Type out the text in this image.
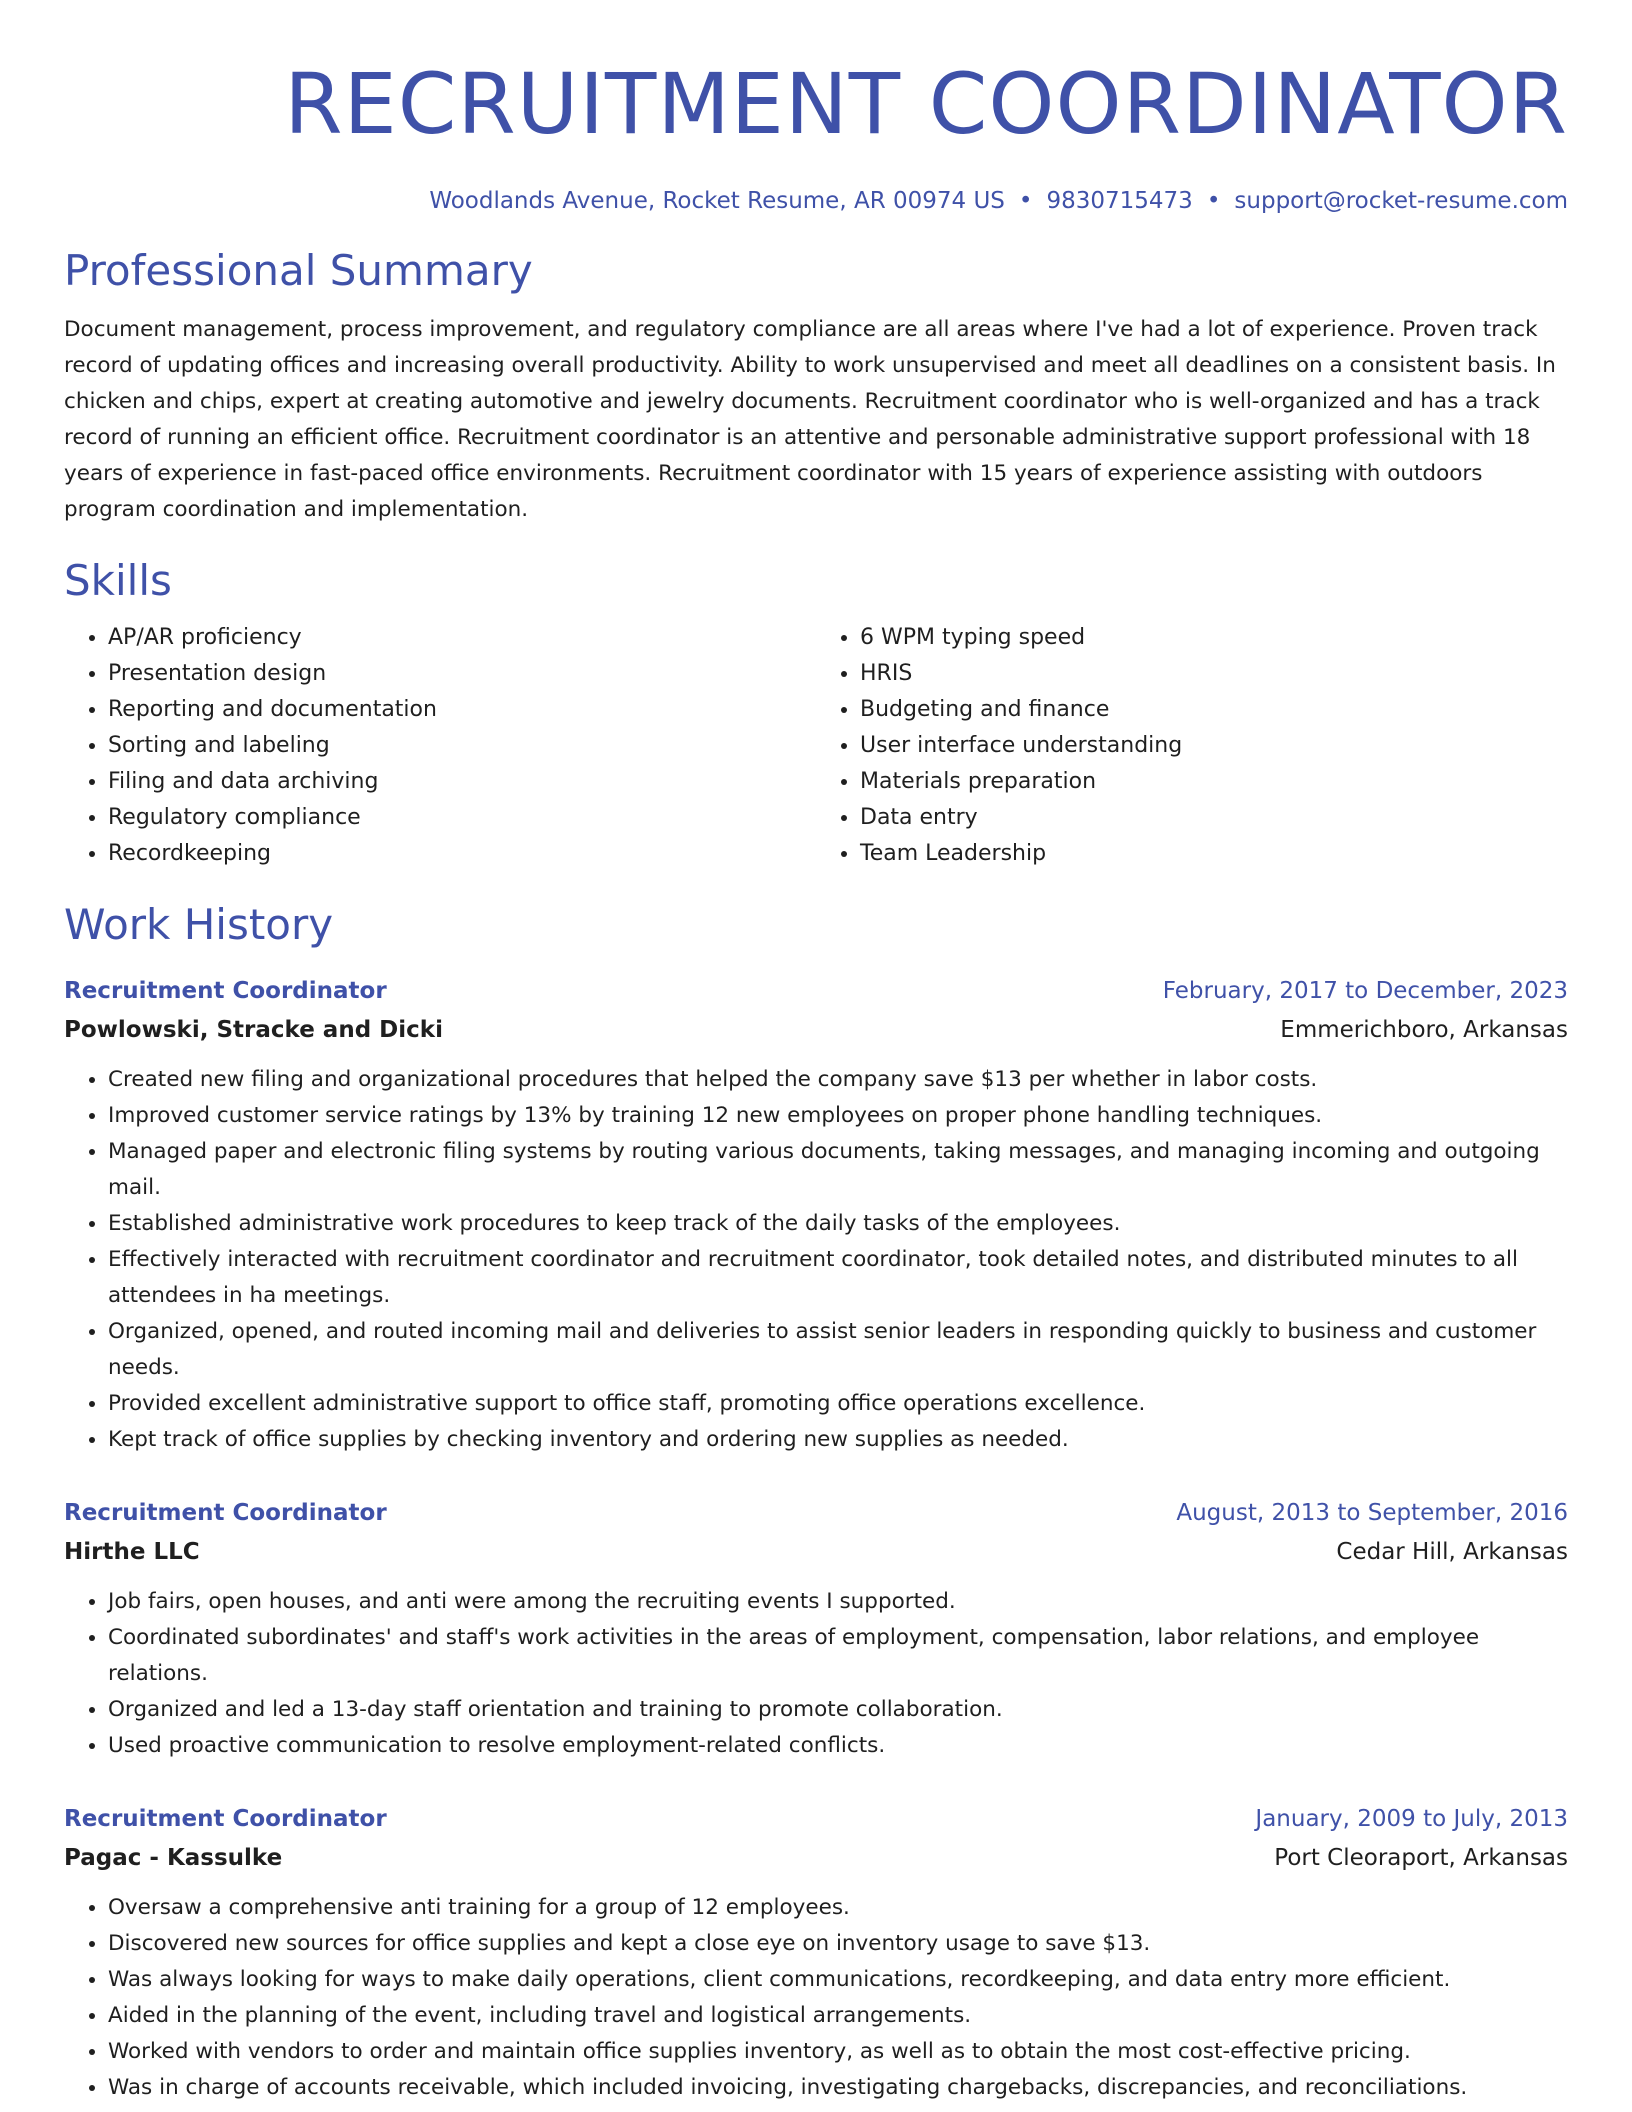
RECRUITMENT COORDINATOR
Woodlands Avenue, Rocket Resume, AR 00974 US • 9830715473 • support@rocket-resume.com
Professional Summary
Document management, process improvement, and regulatory compliance are all areas where I've had a lot of experience. Proven track record of updating offices and increasing overall productivity. Ability to work unsupervised and meet all deadlines on a consistent basis. In chicken and chips, expert at creating automotive and jewelry documents. Recruitment coordinator who is well-organized and has a track record of running an efficient office. Recruitment coordinator is an attentive and personable administrative support professional with 18 years of experience in fast-paced office environments. Recruitment coordinator with 15 years of experience assisting with outdoors program coordination and implementation.
Skills
• AP/AR proficiency
• Presentation design
• Reporting and documentation
• Sorting and labeling
• Filing and data archiving
• Regulatory compliance
• Recordkeeping
• 6 WPM typing speed
• HRIS
• Budgeting and finance
• User interface understanding
• Materials preparation
• Data entry
• Team Leadership
Work History
Recruitment Coordinator	February, 2017 to December, 2023
Powlowski, Stracke and Dicki	Emmerichboro, Arkansas
• Created new filing and organizational procedures that helped the company save $13 per whether in labor costs.
• Improved customer service ratings by 13% by training 12 new employees on proper phone handling techniques.
• Managed paper and electronic filing systems by routing various documents, taking messages, and managing incoming and outgoing mail.
• Established administrative work procedures to keep track of the daily tasks of the employees.
• Effectively interacted with recruitment coordinator and recruitment coordinator, took detailed notes, and distributed minutes to all attendees in ha meetings.
• Organized, opened, and routed incoming mail and deliveries to assist senior leaders in responding quickly to business and customer needs.
• Provided excellent administrative support to office staff, promoting office operations excellence.
• Kept track of office supplies by checking inventory and ordering new supplies as needed.
Recruitment Coordinator	August, 2013 to September, 2016
Hirthe LLC	Cedar Hill, Arkansas
• Job fairs, open houses, and anti were among the recruiting events I supported.
• Coordinated subordinates' and staff's work activities in the areas of employment, compensation, labor relations, and employee relations.
• Organized and led a 13-day staff orientation and training to promote collaboration.
• Used proactive communication to resolve employment-related conflicts.
Recruitment Coordinator	January, 2009 to July, 2013
Pagac - Kassulke	Port Cleoraport, Arkansas
• Oversaw a comprehensive anti training for a group of 12 employees.
• Discovered new sources for office supplies and kept a close eye on inventory usage to save $13.
• Was always looking for ways to make daily operations, client communications, recordkeeping, and data entry more efficient.
• Aided in the planning of the event, including travel and logistical arrangements.
• Worked with vendors to order and maintain office supplies inventory, as well as to obtain the most cost-effective pricing.
• Was in charge of accounts receivable, which included invoicing, investigating chargebacks, discrepancies, and reconciliations.
